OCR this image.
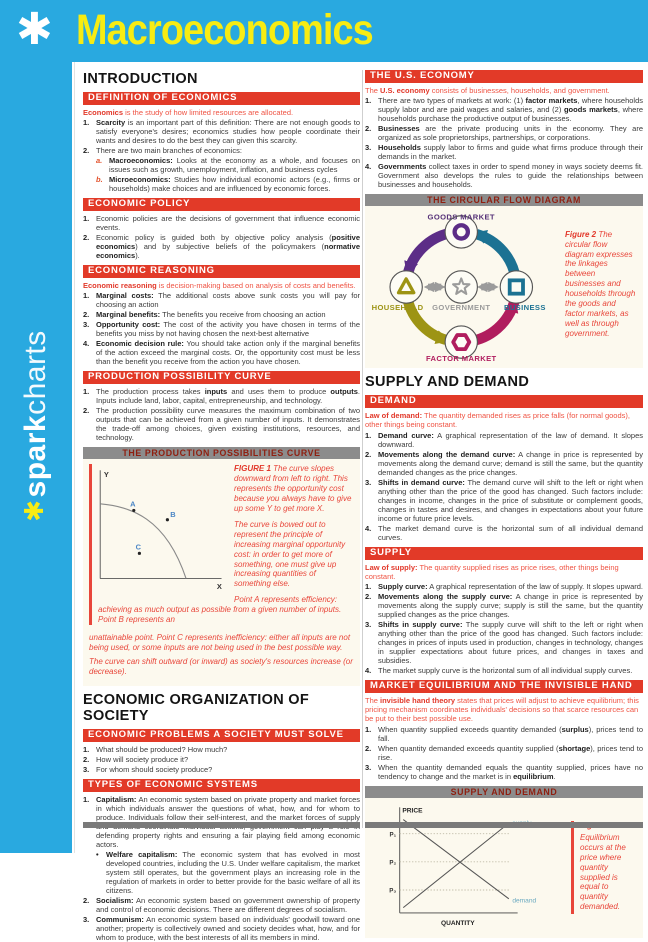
✱ Macroeconomics
✱sparkcharts
INTRODUCTION
DEFINITION OF ECONOMICS
Economics is the study of how limited resources are allocated.
1. Scarcity is an important part of this definition: There are not enough goods to satisfy everyone's desires; economics studies how people coordinate their wants and desires to do the best they can given this scarcity.
2. There are two main branches of economics:
a. Macroeconomics: Looks at the economy as a whole, and focuses on issues such as growth, unemployment, inflation, and business cycles
b. Microeconomics: Studies how individual economic actors (e.g., firms or households) make choices and are influenced by economic forces.
ECONOMIC POLICY
1. Economic policies are the decisions of government that influence economic events.
2. Economic policy is guided both by objective policy analysis (positive economics) and by subjective beliefs of the policymakers (normative economics).
ECONOMIC REASONING
Economic reasoning is decision-making based on analysis of costs and benefits.
1. Marginal costs: The additional costs above sunk costs you will pay for choosing an action
2. Marginal benefits: The benefits you receive from choosing an action
3. Opportunity cost: The cost of the activity you have chosen in terms of the benefits you miss by not having chosen the next-best alternative
4. Economic decision rule: You should take action only if the marginal benefits of the action exceed the marginal costs. Or, the opportunity cost must be less than the benefit you receive from the action you have chosen.
PRODUCTION POSSIBILITY CURVE
1. The production process takes inputs and uses them to produce outputs. Inputs include land, labor, capital, entrepreneurship, and technology.
2. The production possibility curve measures the maximum combination of two outputs that can be achieved from a given number of inputs. It demonstrates the trade-off among choices, given existing institutions, resources, and technology.
THE PRODUCTION POSSIBILITIES CURVE
Y
X
A
B
C

FIGURE 1 The curve slopes downward from left to right. This represents the opportunity cost because you always have to give up some Y to get more X.

The curve is bowed out to represent the principle of increasing marginal opportunity cost: in order to get more of something, one must give up increasing quantities of something else.

Point A represents efficiency: achieving as much output as possible from a given number of inputs. Point B represents an

unattainable point. Point C represents inefficiency: either all inputs are not being used, or some inputs are not being used in the best possible way.

The curve can shift outward (or inward) as society's resources increase (or decrease).

ECONOMIC ORGANIZATION OF SOCIETY
ECONOMIC PROBLEMS A SOCIETY MUST SOLVE
1. What should be produced? How much?
2. How will society produce it?
3. For whom should society produce?
TYPES OF ECONOMIC SYSTEMS
1. Capitalism: An economic system based on private property and market forces in which individuals answer the questions of what, how, and for whom to produce. Individuals follow their self-interest, and the market forces of supply defending property rights and ensuring a fair playing field among economic actors.
• Welfare capitalism: The economic system that has evolved in most developed countries, including the U.S. Under welfare capitalism, the market system still operates, but the government plays an increasing role in the regulation of markets in order to better provide for the basic welfare of all its citizens.
2. Socialism: An economic system based on government ownership of property and control of economic decisions. There are different degrees of socialism.
3. Communism: An economic system based on individuals' goodwill toward one another; property is collectively owned and society decides what, how, and for whom to produce, with the best interests of all its members in mind.
THE U.S. ECONOMY
The U.S. economy consists of businesses, households, and government.
1. There are two types of markets at work: (1) factor markets, where households supply labor and are paid wages and salaries, and (2) goods markets, where households purchase the productive output of businesses.
2. Businesses are the private producing units in the economy. They are organized as sole proprietorships, partnerships, or corporations.
3. Households supply labor to firms and guide what firms produce through their demands in the market.
4. Governments collect taxes in order to spend money in ways society deems fit. Government also develops the rules to guide the relationships between businesses and households.
THE CIRCULAR FLOW DIAGRAM
GOODS MARKET
HOUSEHOLD GOVERNMENT BUSINESS
FACTOR MARKET

Figure 2 The circular flow diagram expresses the linkages between businesses and households through the goods and factor markets, as well as through government.

SUPPLY AND DEMAND
DEMAND
Law of demand: The quantity demanded rises as price falls (for normal goods), other things being constant.
1. Demand curve: A graphical representation of the law of demand. It slopes downward.
2. Movements along the demand curve: A change in price is represented by movements along the demand curve; demand is still the same, but the quantity demanded changes as the price changes.
3. Shifts in demand curve: The demand curve will shift to the left or right when anything other than the price of the good has changed. Such factors include: changes in income, changes in the price of substitute or complement goods, changes in tastes and desires, and changes in expectations about your future income or future price levels.
4. The market demand curve is the horizontal sum of all individual demand curves.
SUPPLY
Law of supply: The quantity supplied rises as price rises, other things being constant.
1. Supply curve: A graphical representation of the law of supply. It slopes upward.
2. Movements along the supply curve: A change in price is represented by movements along the supply curve; supply is still the same, but the quantity supplied changes as the price changes.
3. Shifts in supply curve: The supply curve will shift to the left or right when anything other than the price of the good has changed. Such factors include: changes in prices of inputs used in production, changes in technology, changes in supplier expectations about future prices, and changes in taxes and subsidies.
4. The market supply curve is the horizontal sum of all individual supply curves.
MARKET EQUILIBRIUM AND THE INVISIBLE HAND
The invisible hand theory states that prices will adjust to achieve equilibrium; this pricing mechanism coordinates individuals' decisions so that scarce resources can be put to their best possible use.
1. When quantity supplied exceeds quantity demanded (surplus), prices tend to fall.
2. When quantity demanded exceeds quantity supplied (shortage), prices tend to rise.
3. When the quantity demanded equals the quantity supplied, prices have no tendency to change and the market is in equilibrium.
SUPPLY AND DEMAND
PRICE
QUANTITY
P₁
P₂
P₃
demand

Equilibrium occurs at the price where quantity supplied is equal to quantity demanded.
